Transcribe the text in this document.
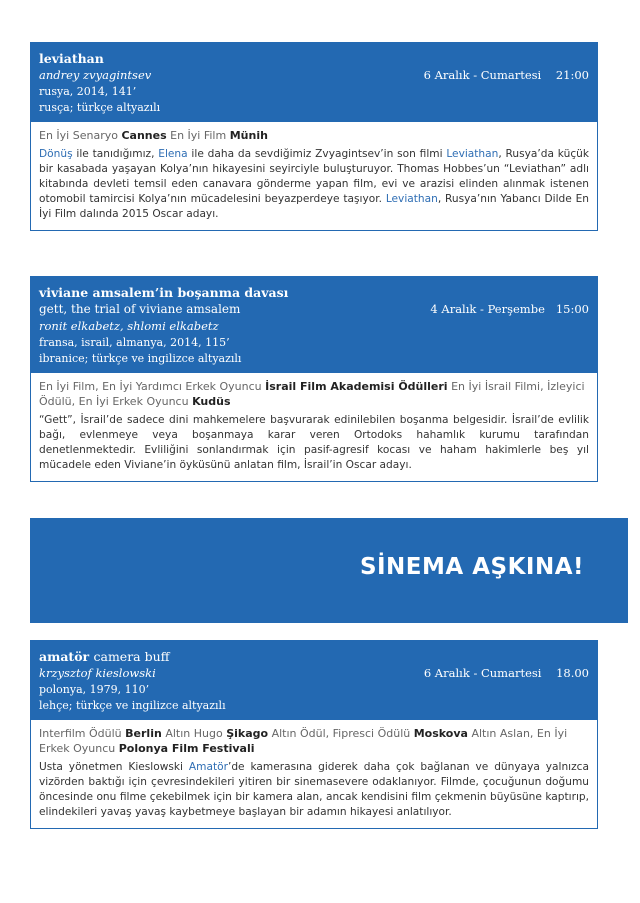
leviathan
andrey zvyagintsev	6 Aralık - Cumartesi    21:00
rusya, 2014, 141’
rusça; türkçe altyazılı
En İyi Senaryo Cannes En İyi Film Münih
Dönüş ile tanıdığımız, Elena ile daha da sevdiğimiz Zvyagintsev’in son filmi Leviathan, Rusya’da küçük bir kasabada yaşayan Kolya’nın hikayesini seyirciyle buluşturuyor. Thomas Hobbes’un “Leviathan” adlı kitabında devleti temsil eden canavara gönderme yapan film, evi ve arazisi elinden alınmak istenen otomobil tamircisi Kolya’nın mücadelesini beyazperdeye taşıyor. Leviathan, Rusya’nın Yabancı Dilde En İyi Film dalında 2015 Oscar adayı.
viviane amsalem’in boşanma davası
gett, the trial of viviane amsalem	4 Aralık - Perşembe   15:00
ronit elkabetz, shlomi elkabetz
fransa, israil, almanya, 2014, 115’
ibranice; türkçe ve ingilizce altyazılı
En İyi Film, En İyi Yardımcı Erkek Oyuncu İsrail Film Akademisi Ödülleri En İyi İsrail Filmi, İzleyici Ödülü, En İyi Erkek Oyuncu Kudüs
“Gett”, İsrail’de sadece dini mahkemelere başvurarak edinilebilen boşanma belgesidir. İsrail’de evlilik bağı, evlenmeye veya boşanmaya karar veren Ortodoks hahamlık kurumu tarafından denetlenmektedir. Evliliğini sonlandırmak için pasif-agresif kocası ve haham hakimlerle beş yıl mücadele eden Viviane’in öyküsünü anlatan film, İsrail’in Oscar adayı.
SİNEMA AŞKINA!
amatör camera buff
krzysztof kieslowski	6 Aralık - Cumartesi    18.00
polonya, 1979, 110’
lehçe; türkçe ve ingilizce altyazılı
Interfilm Ödülü Berlin Altın Hugo Şikago Altın Ödül, Fipresci Ödülü Moskova Altın Aslan, En İyi Erkek Oyuncu Polonya Film Festivali
Usta yönetmen Kieslowski Amatör’de kamerasına giderek daha çok bağlanan ve dünyaya yalnızca vizörden baktığı için çevresindekileri yitiren bir sinemasevere odaklanıyor. Filmde, çocuğunun doğumu öncesinde onu filme çekebilmek için bir kamera alan, ancak kendisini film çekmenin büyüsüne kaptırıp, elindekileri yavaş yavaş kaybetmeye başlayan bir adamın hikayesi anlatılıyor.
